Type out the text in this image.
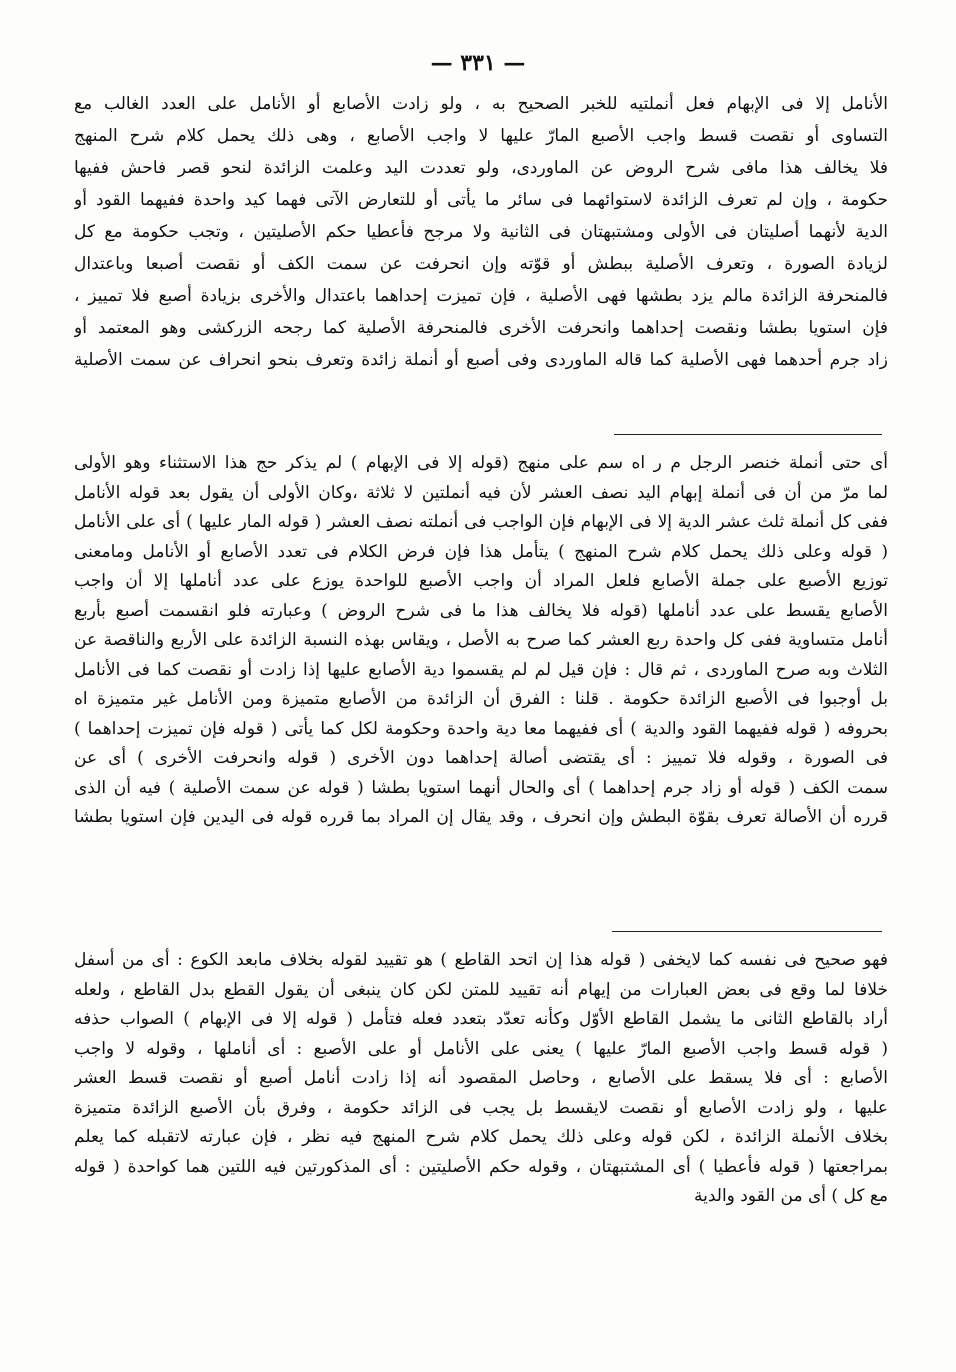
— ٣٣١ —
الأنامل إلا فى الإبهام فعل أنملتيه للخبر الصحيح به ، ولو زادت الأصابع أو الأنامل على العدد الغالب مع
التساوى أو نقصت قسط واجب الأصبع المارّ عليها لا واجب الأصابع ، وهى ذلك يحمل كلام شرح المنهج
فلا يخالف هذا مافى شرح الروض عن الماوردى، ولو تعددت اليد وعلمت الزائدة لنحو قصر فاحش ففيها
حكومة ، وإن لم تعرف الزائدة لاستوائهما فى سائر ما يأتى أو للتعارض الآتى فهما كيد واحدة ففيهما القود أو
الدية لأنهما أصليتان فى الأولى ومشتبهتان فى الثانية ولا مرجح فأعطيا حكم الأصليتين ، وتجب حكومة مع كل
لزيادة الصورة ، وتعرف الأصلية ببطش أو قوّته وإن انحرفت عن سمت الكف أو نقصت أصبعا وباعتدال
فالمنحرفة الزائدة مالم يزد بطشها فهى الأصلية ، فإن تميزت إحداهما باعتدال والأخرى بزيادة أصبع فلا تمييز ،
فإن استويا بطشا ونقصت إحداهما وانحرفت الأخرى فالمنحرفة الأصلية كما رجحه الزركشى وهو المعتمد أو
زاد جرم أحدهما فهى الأصلية كما قاله الماوردى وفى أصبع أو أنملة زائدة وتعرف بنحو انحراف عن سمت الأصلية
أى حتى أنملة خنصر الرجل م ر اه سم على منهج (قوله إلا فى الإبهام ) لم يذكر حج هذا الاستثناء وهو الأولى
لما مرّ من أن فى أنملة إبهام اليد نصف العشر لأن فيه أنملتين لا ثلاثة ،وكان الأولى أن يقول بعد قوله الأنامل
ففى كل أنملة ثلث عشر الدية إلا فى الإبهام فإن الواجب فى أنملته نصف العشر ( قوله المار عليها ) أى على الأنامل
( قوله وعلى ذلك يحمل كلام شرح المنهج ) يتأمل هذا فإن فرض الكلام فى تعدد الأصابع أو الأنامل ومامعنى
توزيع الأصبع على جملة الأصابع فلعل المراد أن واجب الأصبع للواحدة يوزع على عدد أناملها إلا أن واجب
الأصابع يقسط على عدد أناملها (قوله فلا يخالف هذا ما فى شرح الروض ) وعبارته فلو انقسمت أصبع بأربع
أنامل متساوية ففى كل واحدة ربع العشر كما صرح به الأصل ، ويقاس بهذه النسبة الزائدة على الأربع والناقصة عن
الثلاث وبه صرح الماوردى ، ثم قال : فإن قيل لم لم يقسموا دية الأصابع عليها إذا زادت أو نقصت كما فى الأنامل
بل أوجبوا فى الأصبع الزائدة حكومة . قلنا : الفرق أن الزائدة من الأصابع متميزة ومن الأنامل غير متميزة اه
بحروفه ( قوله ففيهما القود والدية ) أى ففيهما معا دية واحدة وحكومة لكل كما يأتى ( قوله فإن تميزت إحداهما )
فى الصورة ، وقوله فلا تمييز : أى يقتضى أصالة إحداهما دون الأخرى ( قوله وانحرفت الأخرى ) أى عن
سمت الكف ( قوله أو زاد جرم إحداهما ) أى والحال أنهما استويا بطشا ( قوله عن سمت الأصلية ) فيه أن الذى
قرره أن الأصالة تعرف بقوّة البطش وإن انحرف ، وقد يقال إن المراد بما قرره قوله فى اليدين فإن استويا بطشا
فهو صحيح فى نفسه كما لايخفى ( قوله هذا إن اتحد القاطع ) هو تقييد لقوله بخلاف مابعد الكوع : أى من أسفل
خلافا لما وقع فى بعض العبارات من إيهام أنه تقييد للمتن لكن كان ينبغى أن يقول القطع بدل القاطع ، ولعله
أراد بالقاطع الثانى ما يشمل القاطع الأوّل وكأنه تعدّد بتعدد فعله فتأمل ( قوله إلا فى الإبهام ) الصواب حذفه
( قوله قسط واجب الأصبع المارّ عليها ) يعنى على الأنامل أو على الأصبع : أى أناملها ، وقوله لا واجب
الأصابع : أى فلا يسقط على الأصابع ، وحاصل المقصود أنه إذا زادت أنامل أصبع أو نقصت قسط العشر
عليها ، ولو زادت الأصابع أو نقصت لايقسط بل يجب فى الزائد حكومة ، وفرق بأن الأصبع الزائدة متميزة
بخلاف الأنملة الزائدة ، لكن قوله وعلى ذلك يحمل كلام شرح المنهج فيه نظر ، فإن عبارته لاتقبله كما يعلم
بمراجعتها ( قوله فأعطيا ) أى المشتبهتان ، وقوله حكم الأصليتين : أى المذكورتين فيه اللتين هما كواحدة ( قوله
مع كل ) أى من القود والدية
